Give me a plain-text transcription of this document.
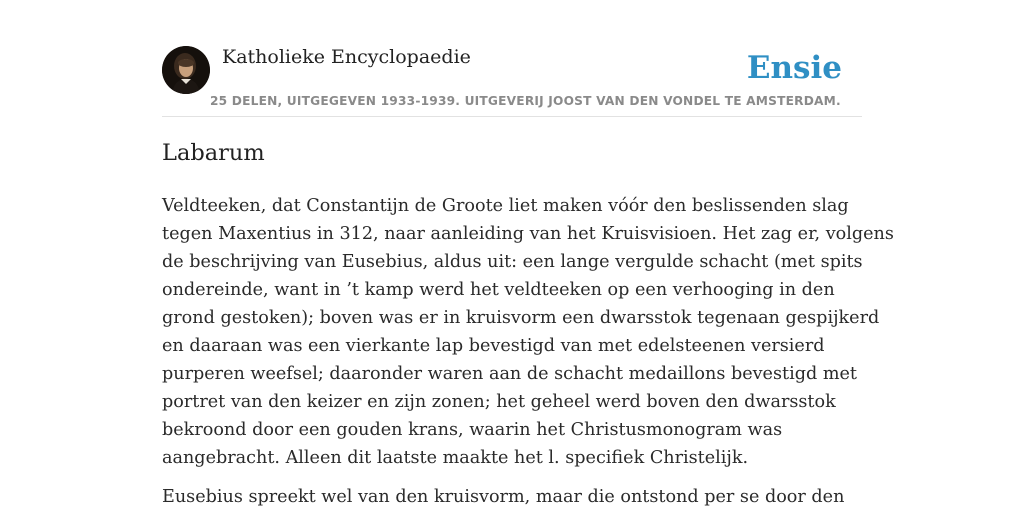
Katholieke Encyclopaedie	Ensie
25 DELEN, UITGEGEVEN 1933-1939. UITGEVERIJ JOOST VAN DEN VONDEL TE AMSTERDAM.
Labarum

Veldteeken, dat Constantijn de Groote liet maken vóór den beslissenden slag
tegen Maxentius in 312, naar aanleiding van het Kruisvisioen. Het zag er, volgens
de beschrijving van Eusebius, aldus uit: een lange vergulde schacht (met spits
ondereinde, want in ’t kamp werd het veldteeken op een verhooging in den
grond gestoken); boven was er in kruisvorm een dwarsstok tegenaan gespijkerd
en daaraan was een vierkante lap bevestigd van met edelsteenen versierd
purperen weefsel; daaronder waren aan de schacht medaillons bevestigd met
portret van den keizer en zijn zonen; het geheel werd boven den dwarsstok
bekroond door een gouden krans, waarin het Christusmonogram was
aangebracht. Alleen dit laatste maakte het l. specifiek Christelijk.

Eusebius spreekt wel van den kruisvorm, maar die ontstond per se door den
